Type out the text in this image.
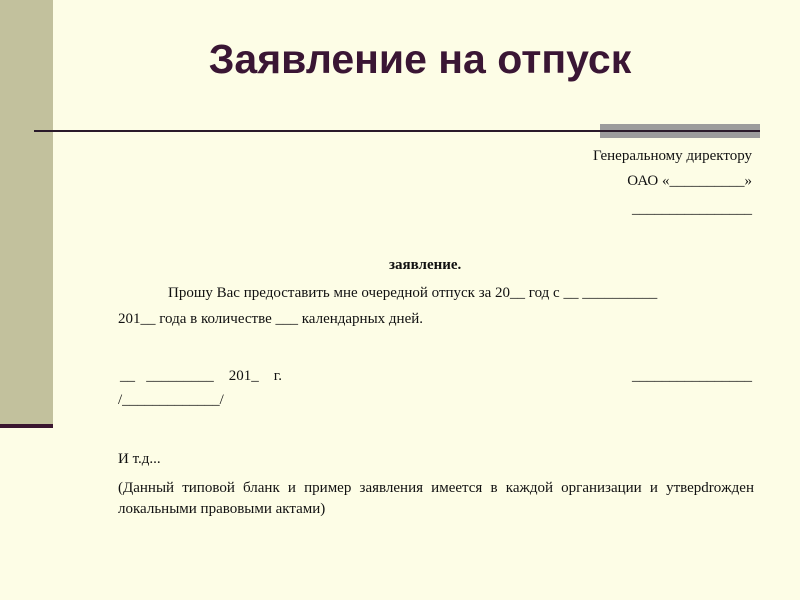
Заявление на отпуск
Генеральному директору
ОАО «__________»
________________
заявление.
Прошу Вас предоставить мне очередной отпуск за 20__ год с __ __________
201__ года в количестве ___ календарных дней.
__   _________    201_    г.	________________
/_____________/
И т.д...
(Данный типовой бланк и пример заявления имеется в каждой организации и утверdroжден локальными правовыми актами)
